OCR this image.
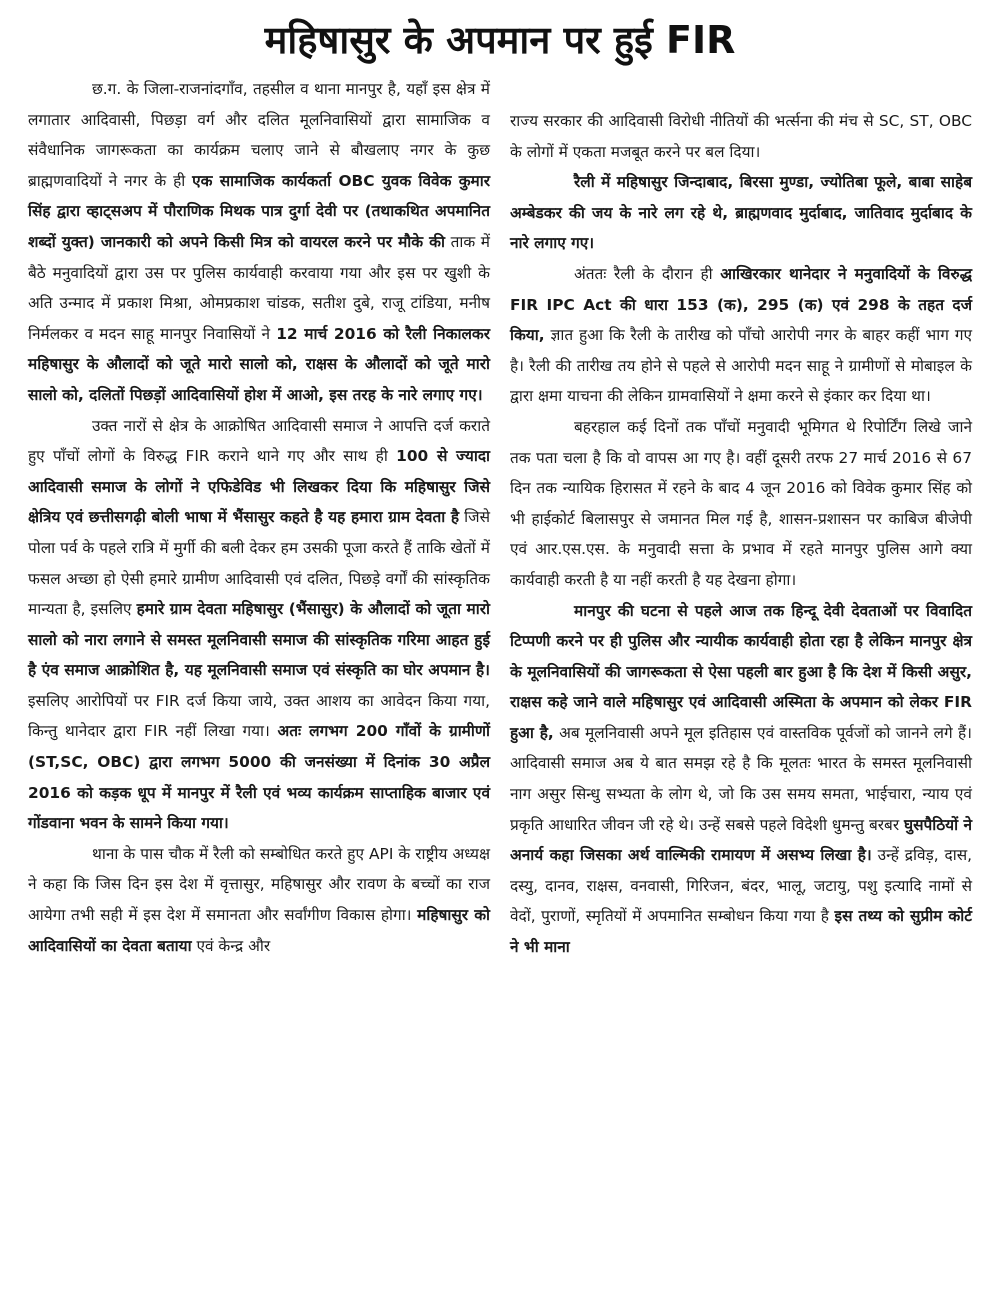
महिषासुर के अपमान पर हुई FIR

छ.ग. के जिला-राजनांदगाँव, तहसील व थाना मानपुर है, यहाँ इस क्षेत्र में लगातार आदिवासी, पिछड़ा वर्ग और दलित मूलनिवासियों द्वारा सामाजिक व संवैधानिक जागरूकता का कार्यक्रम चलाए जाने से बौखलाए नगर के कुछ ब्राह्मणवादियों ने नगर के ही एक सामाजिक कार्यकर्ता OBC युवक विवेक कुमार सिंह द्वारा व्हाट्सअप में पौराणिक मिथक पात्र दुर्गा देवी पर (तथाकथित अपमानित शब्दों युक्त) जानकारी को अपने किसी मित्र को वायरल करने पर मौके की ताक में बैठे मनुवादियों द्वारा उस पर पुलिस कार्यवाही करवाया गया और इस पर खुशी के अति उन्माद में प्रकाश मिश्रा, ओमप्रकाश चांडक, सतीश दुबे, राजू टांडिया, मनीष निर्मलकर व मदन साहू मानपुर निवासियों ने 12 मार्च 2016 को रैली निकालकर महिषासुर के औलादों को जूते मारो सालो को, राक्षस के औलादों को जूते मारो सालो को, दलितों पिछड़ों आदिवासियों होश में आओ, इस तरह के नारे लगाए गए।

उक्त नारों से क्षेत्र के आक्रोषित आदिवासी समाज ने आपत्ति दर्ज कराते हुए पाँचों लोगों के विरुद्ध FIR कराने थाने गए और साथ ही 100 से ज्यादा आदिवासी समाज के लोगों ने एफिडेविड भी लिखकर दिया कि महिषासुर जिसे क्षेत्रिय एवं छत्तीसगढ़ी बोली भाषा में भैंसासुर कहते है यह हमारा ग्राम देवता है जिसे पोला पर्व के पहले रात्रि में मुर्गी की बली देकर हम उसकी पूजा करते हैं ताकि खेतों में फसल अच्छा हो ऐसी हमारे ग्रामीण आदिवासी एवं दलित, पिछड़े वर्गों की सांस्कृतिक मान्यता है, इसलिए हमारे ग्राम देवता महिषासुर (भैंसासुर) के औलादों को जूता मारो सालो को नारा लगाने से समस्त मूलनिवासी समाज की सांस्कृतिक गरिमा आहत हुई है एंव समाज आक्रोशित है, यह मूलनिवासी समाज एवं संस्कृति का घोर अपमान है। इसलिए आरोपियों पर FIR दर्ज किया जाये, उक्त आशय का आवेदन किया गया, किन्तु थानेदार द्वारा FIR नहीं लिखा गया। अतः लगभग 200 गाँवों के ग्रामीणों (ST,SC, OBC) द्वारा लगभग 5000 की जनसंख्या में दिनांक 30 अप्रैल 2016 को कड़क धूप में मानपुर में रैली एवं भव्य कार्यक्रम साप्ताहिक बाजार एवं गोंडवाना भवन के सामने किया गया।

थाना के पास चौक में रैली को सम्बोधित करते हुए API के राष्ट्रीय अध्यक्ष ने कहा कि जिस दिन इस देश में वृत्तासुर, महिषासुर और रावण के बच्चों का राज आयेगा तभी सही में इस देश में समानता और सर्वांगीण विकास होगा। महिषासुर को आदिवासियों का देवता बताया एवं केन्द्र और

राज्य सरकार की आदिवासी विरोधी नीतियों की भर्त्सना की मंच से SC, ST, OBC के लोगों में एकता मजबूत करने पर बल दिया।

रैली में महिषासुर जिन्दाबाद, बिरसा मुण्डा, ज्योतिबा फूले, बाबा साहेब अम्बेडकर की जय के नारे लग रहे थे, ब्राह्मणवाद मुर्दाबाद, जातिवाद मुर्दाबाद के नारे लगाए गए।

अंततः रैली के दौरान ही आखिरकार थानेदार ने मनुवादियों के विरुद्ध FIR IPC Act की धारा 153 (क), 295 (क) एवं 298 के तहत दर्ज किया, ज्ञात हुआ कि रैली के तारीख को पाँचो आरोपी नगर के बाहर कहीं भाग गए है। रैली की तारीख तय होने से पहले से आरोपी मदन साहू ने ग्रामीणों से मोबाइल के द्वारा क्षमा याचना की लेकिन ग्रामवासियों ने क्षमा करने से इंकार कर दिया था।

बहरहाल कई दिनों तक पाँचों मनुवादी भूमिगत थे रिपोर्टिंग लिखे जाने तक पता चला है कि वो वापस आ गए है। वहीं दूसरी तरफ 27 मार्च 2016 से 67 दिन तक न्यायिक हिरासत में रहने के बाद 4 जून 2016 को विवेक कुमार सिंह को भी हाईकोर्ट बिलासपुर से जमानत मिल गई है, शासन-प्रशासन पर काबिज बीजेपी एवं आर.एस.एस. के मनुवादी सत्ता के प्रभाव में रहते मानपुर पुलिस आगे क्या कार्यवाही करती है या नहीं करती है यह देखना होगा।

मानपुर की घटना से पहले आज तक हिन्दू देवी देवताओं पर विवादित टिप्पणी करने पर ही पुलिस और न्यायीक कार्यवाही होता रहा है लेकिन मानपुर क्षेत्र के मूलनिवासियों की जागरूकता से ऐसा पहली बार हुआ है कि देश में किसी असुर, राक्षस कहे जाने वाले महिषासुर एवं आदिवासी अस्मिता के अपमान को लेकर FIR हुआ है, अब मूलनिवासी अपने मूल इतिहास एवं वास्तविक पूर्वजों को जानने लगे हैं। आदिवासी समाज अब ये बात समझ रहे है कि मूलतः भारत के समस्त मूलनिवासी नाग असुर सिन्धु सभ्यता के लोग थे, जो कि उस समय समता, भाईचारा, न्याय एवं प्रकृति आधारित जीवन जी रहे थे। उन्हें सबसे पहले विदेशी धुमन्तु बरबर घुसपैठियों ने अनार्य कहा जिसका अर्थ वाल्मिकी रामायण में असभ्य लिखा है। उन्हें द्रविड़, दास, दस्यु, दानव, राक्षस, वनवासी, गिरिजन, बंदर, भालू, जटायु, पशु इत्यादि नामों से वेदों, पुराणों, स्मृतियों में अपमानित सम्बोधन किया गया है इस तथ्य को सुप्रीम कोर्ट ने भी माना
